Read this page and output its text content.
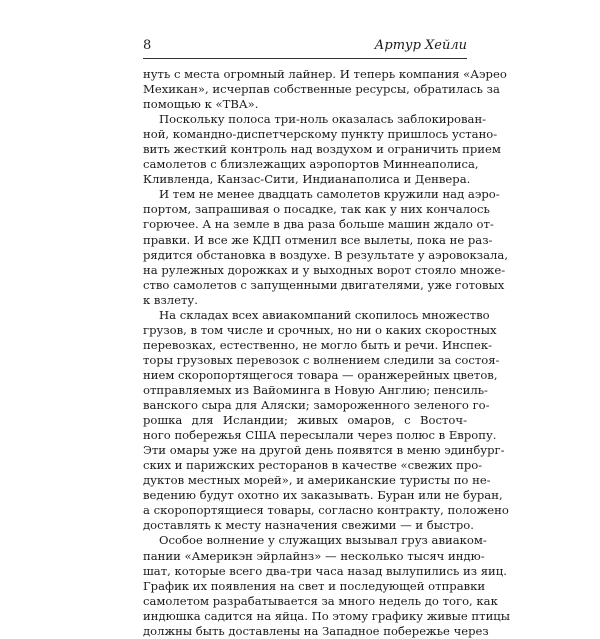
8	Артур Хейли
нуть с места огромный лайнер. И теперь компания «Аэрео
Мехикан», исчерпав собственные ресурсы, обратилась за
помощью к «ТВА».
Поскольку полоса три-ноль оказалась заблокирован-
ной, командно-диспетчерскому пункту пришлось устано-
вить жесткий контроль над воздухом и ограничить прием
самолетов с близлежащих аэропортов Миннеаполиса,
Кливленда, Канзас-Сити, Индианаполиса и Денвера.
И тем не менее двадцать самолетов кружили над аэро-
портом, запрашивая о посадке, так как у них кончалось
горючее. А на земле в два раза больше машин ждало от-
правки. И все же КДП отменил все вылеты, пока не раз-
рядится обстановка в воздухе. В результате у аэровокзала,
на рулежных дорожках и у выходных ворот стояло множе-
ство самолетов с запущенными двигателями, уже готовых
к взлету.
На складах всех авиакомпаний скопилось множество
грузов, в том числе и срочных, но ни о каких скоростных
перевозках, естественно, не могло быть и речи. Инспек-
торы грузовых перевозок с волнением следили за состоя-
нием скоропортящегося товара — оранжерейных цветов,
отправляемых из Вайоминга в Новую Англию; пенсиль-
ванского сыра для Аляски; замороженного зеленого го-
рошка для Исландии; живых омаров, с Восточ-
ного побережья США пересылали через полюс в Европу.
Эти омары уже на другой день появятся в меню эдинбург-
ских и парижских ресторанов в качестве «свежих про-
дуктов местных морей», и американские туристы по не-
ведению будут охотно их заказывать. Буран или не буран,
а скоропортящиеся товары, согласно контракту, положено
доставлять к месту назначения свежими — и быстро.
Особое волнение у служащих вызывал груз авиаком-
пании «Америкэн эйрлайнз» — несколько тысяч индю-
шат, которые всего два-три часа назад вылупились из яиц.
График их появления на свет и последующей отправки
самолетом разрабатывается за много недель до того, как
индюшка садится на яйца. По этому графику живые птицы
должны быть доставлены на Западное побережье через
